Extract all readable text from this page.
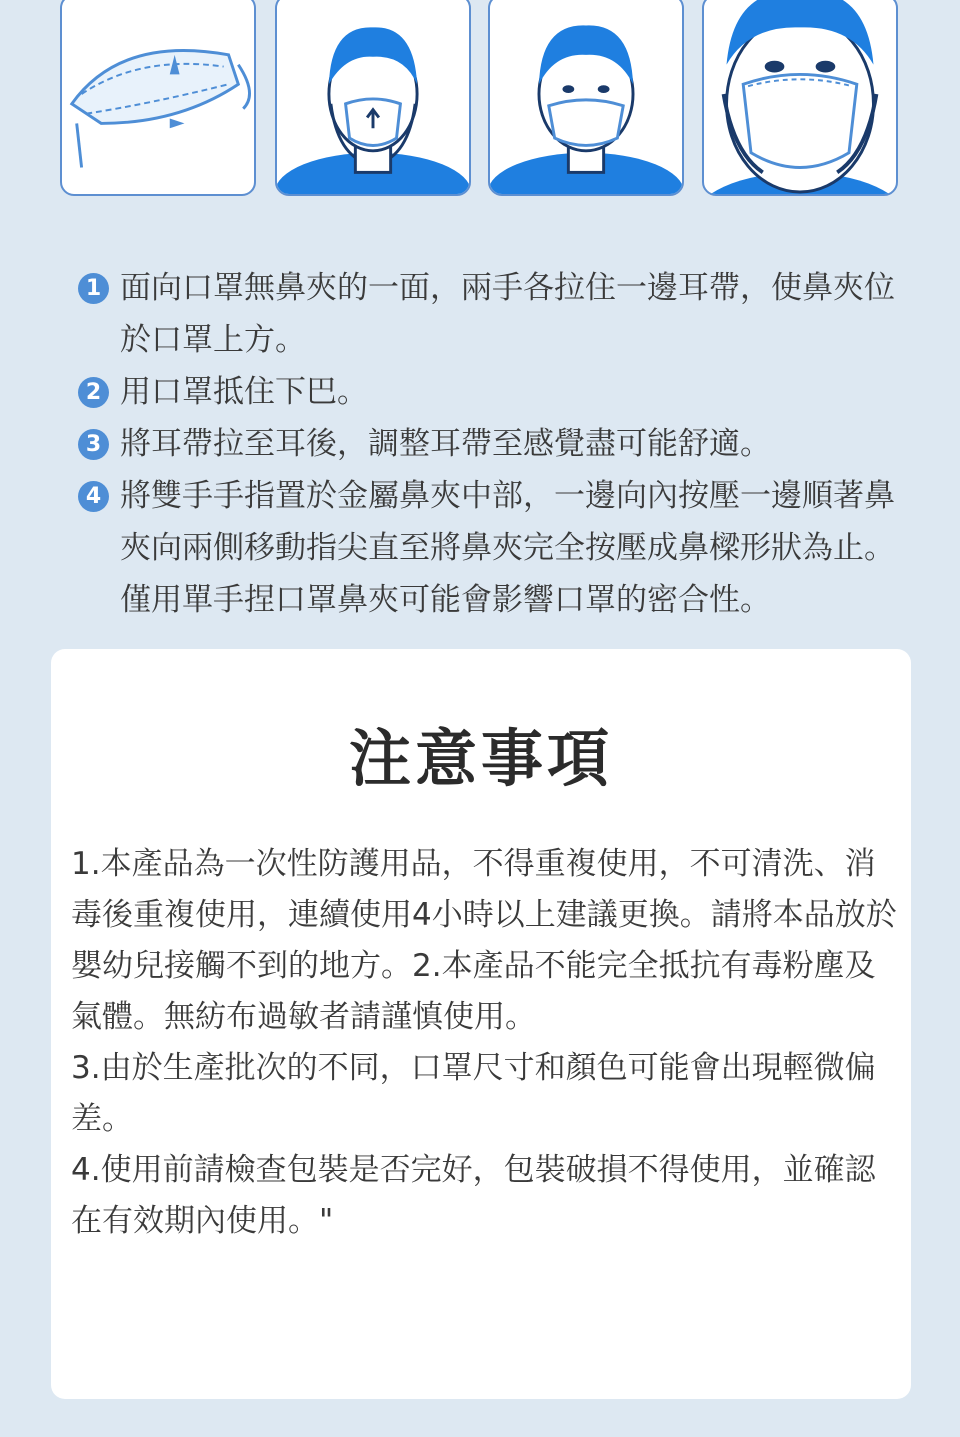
1 面向口罩無鼻夾的一面，兩手各拉住一邊耳帶，使鼻夾位於口罩上方。
2 用口罩抵住下巴。
3 將耳帶拉至耳後，調整耳帶至感覺盡可能舒適。
4 將雙手手指置於金屬鼻夾中部，一邊向內按壓一邊順著鼻夾向兩側移動指尖直至將鼻夾完全按壓成鼻樑形狀為止。僅用單手捏口罩鼻夾可能會影響口罩的密合性。
注意事項

1.本產品為一次性防護用品，不得重複使用，不可清洗、消毒後重複使用，連續使用4小時以上建議更換。請將本品放於嬰幼兒接觸不到的地方。2.本產品不能完全抵抗有毒粉塵及氣體。無紡布過敏者請謹慎使用。

3.由於生產批次的不同，口罩尺寸和顏色可能會出現輕微偏差。

4.使用前請檢查包裝是否完好，包裝破損不得使用，並確認在有效期內使用。"
